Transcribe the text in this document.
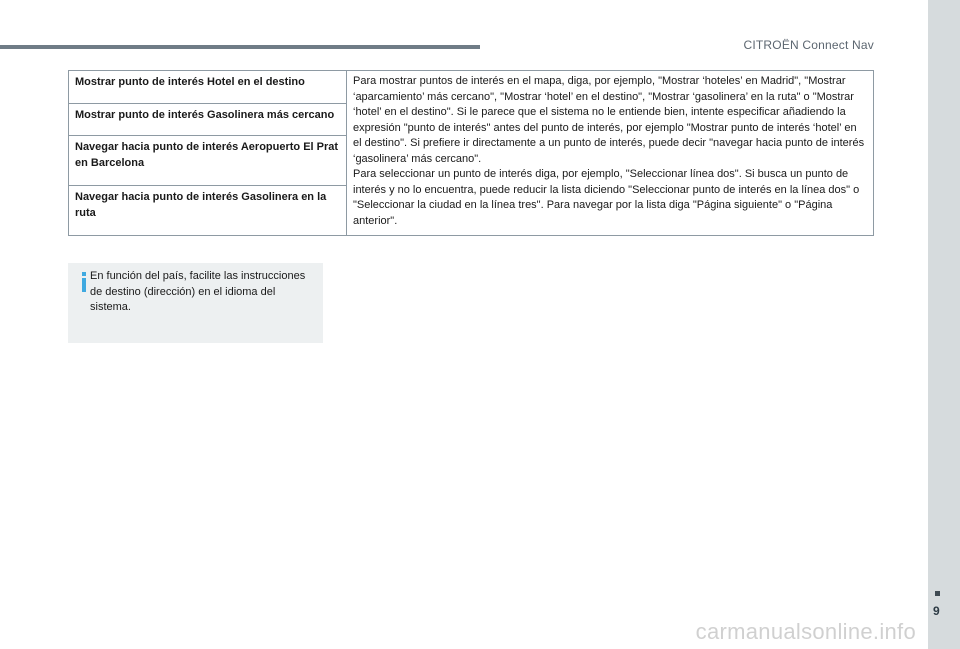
CITROËN Connect Nav
Mostrar punto de interés Hotel en el destino	Para mostrar puntos de interés en el mapa, diga, por ejemplo, "Mostrar ‘hoteles’ en Madrid", "Mostrar ‘aparcamiento’ más cercano", "Mostrar ‘hotel’ en el destino", "Mostrar ‘gasolinera’ en la ruta" o "Mostrar ‘hotel’ en el destino". Si le parece que el sistema no le entiende bien, intente especificar añadiendo la expresión "punto de interés" antes del punto de interés, por ejemplo "Mostrar punto de interés ‘hotel’ en el destino". Si prefiere ir directamente a un punto de interés, puede decir "navegar hacia punto de interés ‘gasolinera’ más cercano".

Para seleccionar un punto de interés diga, por ejemplo, "Seleccionar línea dos". Si busca un punto de interés y no lo encuentra, puede reducir la lista diciendo "Seleccionar punto de interés en la línea dos" o "Seleccionar la ciudad en la línea tres". Para navegar por la lista diga "Página siguiente" o "Página anterior".

Mostrar punto de interés Gasolinera más cercano
Navegar hacia punto de interés Aeropuerto El Prat en Barcelona
Navegar hacia punto de interés Gasolinera en la ruta
En función del país, facilite las instrucciones de destino (dirección) en el idioma del sistema.
9
carmanualsonline.info
